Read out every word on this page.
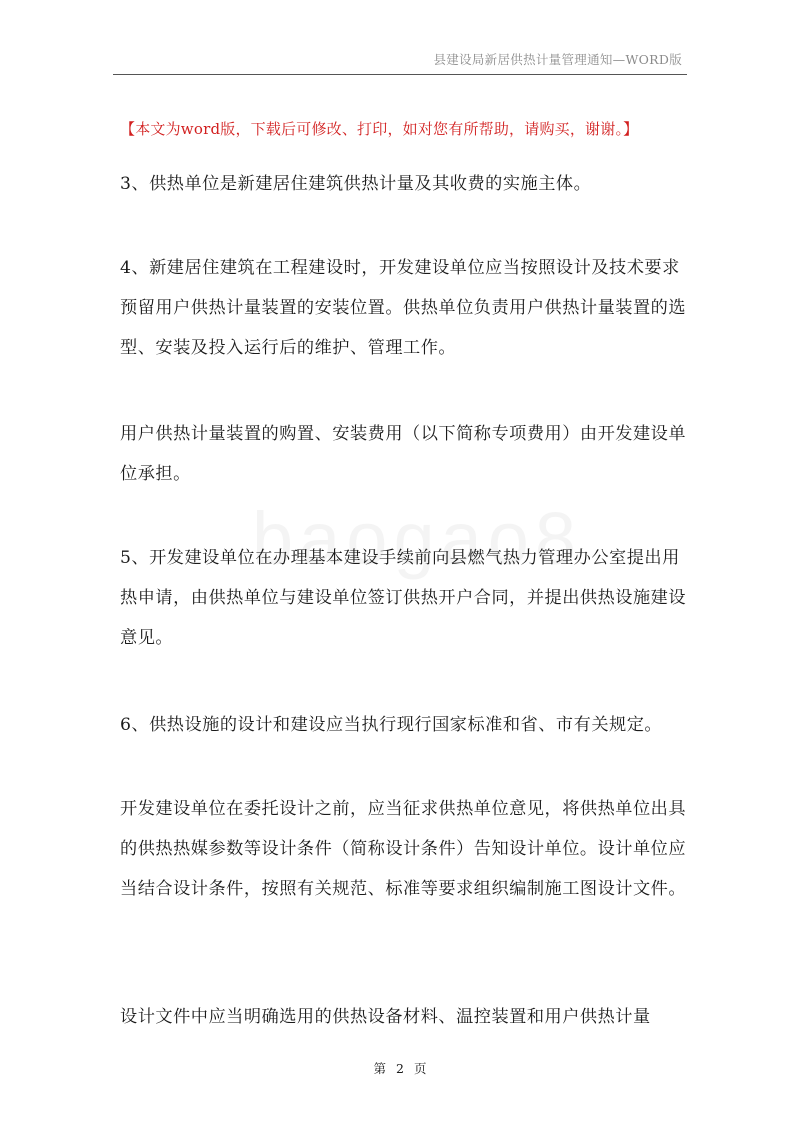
县建设局新居供热计量管理通知—WORD版
【本文为word版，下载后可修改、打印，如对您有所帮助，请购买，谢谢。】

3、供热单位是新建居住建筑供热计量及其收费的实施主体。

4、新建居住建筑在工程建设时，开发建设单位应当按照设计及技术要求预留用户供热计量装置的安装位置。供热单位负责用户供热计量装置的选型、安装及投入运行后的维护、管理工作。

用户供热计量装置的购置、安装费用（以下简称专项费用）由开发建设单位承担。

5、开发建设单位在办理基本建设手续前向县燃气热力管理办公室提出用热申请，由供热单位与建设单位签订供热开户合同，并提出供热设施建设意见。

6、供热设施的设计和建设应当执行现行国家标准和省、市有关规定。

开发建设单位在委托设计之前，应当征求供热单位意见，将供热单位出具的供热热媒参数等设计条件（简称设计条件）告知设计单位。设计单位应当结合设计条件，按照有关规范、标准等要求组织编制施工图设计文件。

设计文件中应当明确选用的供热设备材料、温控装置和用户供热计量

第 2 页
